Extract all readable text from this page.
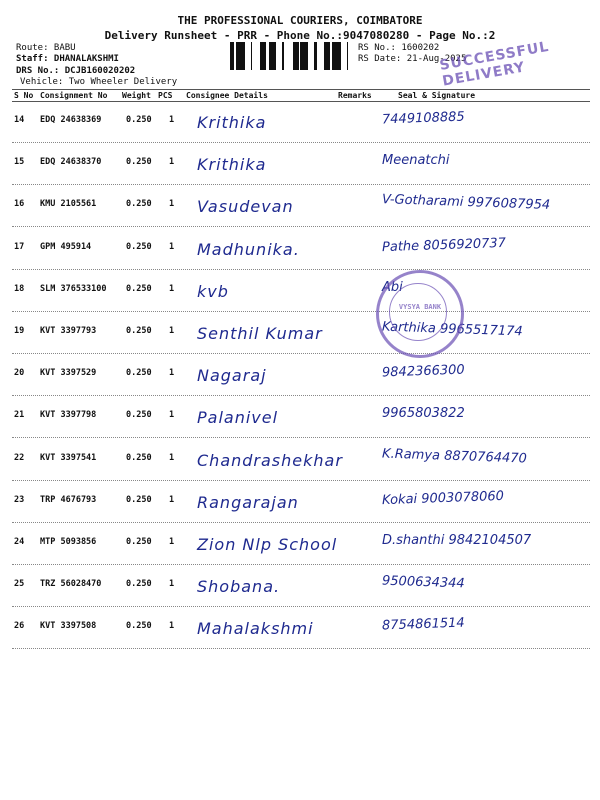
THE PROFESSIONAL COURIERS, COIMBATORE
Delivery Runsheet - PRR - Phone No.:9047080280 - Page No.:2
Route: BABU
Staff: DHANALAKSHMI
DRS No.: DCJB160020202
Vehicle: Two Wheeler Delivery
RS No.: 1600202
RS Date: 21-Aug-2025
SUCCESSFUL DELIVERY
S No Consignment No Weight PCS Consignee Details	Remarks	Seal & Signature
14 EDQ 24638369	0.250 1 Krithika	7449108885
15 EDQ 24638370	0.250 1 Krithika	Meenatchi
16 KMU 2105561	0.250 1 Vasudevan	V-Gotharami 9976087954
17 GPM 495914	0.250 1 Madhunika.	Pathe 8056920737
18 SLM 376533100 0.250 1 kvb	Abi
19 KVT 3397793	0.250 1 Senthil Kumar	Karthika 9965517174
20 KVT 3397529	0.250 1 Nagaraj	9842366300
21 KVT 3397798	0.250 1 Palanivel	9965803822
22 KVT 3397541	0.250 1 Chandrashekhar	K.Ramya 8870764470
23 TRP 4676793	0.250 1 Rangarajan	Kokai 9003078060
24 MTP 5093856	0.250 1 Zion Nlp School	D.shanthi 9842104507
25 TRZ 56028470	0.250 1 Shobana.	9500634344
26 KVT 3397508	0.250 1 Mahalakshmi	8754861514
VYSYA BANK
